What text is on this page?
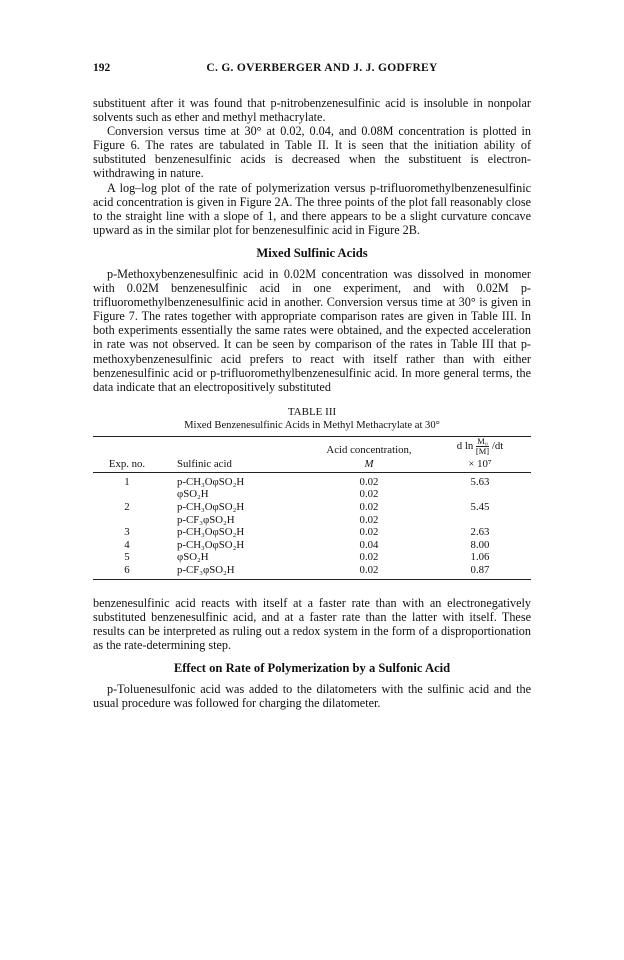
192	C. G. OVERBERGER AND J. J. GODFREY

substituent after it was found that p-nitrobenzenesulfinic acid is insoluble in nonpolar solvents such as ether and methyl methacrylate.

Conversion versus time at 30° at 0.02, 0.04, and 0.08M concentration is plotted in Figure 6. The rates are tabulated in Table II. It is seen that the initiation ability of substituted benzenesulfinic acids is decreased when the substituent is electron-withdrawing in nature.

A log–log plot of the rate of polymerization versus p-trifluoromethylbenzenesulfinic acid concentration is given in Figure 2A. The three points of the plot fall reasonably close to the straight line with a slope of 1, and there appears to be a slight curvature concave upward as in the similar plot for benzenesulfinic acid in Figure 2B.

Mixed Sulfinic Acids

p-Methoxybenzenesulfinic acid in 0.02M concentration was dissolved in monomer with 0.02M benzenesulfinic acid in one experiment, and with 0.02M p-trifluoromethylbenzenesulfinic acid in another. Conversion versus time at 30° is given in Figure 7. The rates together with appropriate comparison rates are given in Table III. In both experiments essentially the same rates were obtained, and the expected acceleration in rate was not observed. It can be seen by comparison of the rates in Table III that p-methoxybenzenesulfinic acid prefers to react with itself rather than with either benzenesulfinic acid or p-trifluoromethylbenzenesulfinic acid. In more general terms, the data indicate that an electropositively substituted

TABLE III
Mixed Benzenesulfinic Acids in Methyl Methacrylate at 30°
		Acid concentration,	d $\ln \frac{\text{M₀}}{[M]} /dt$
Exp. no.	Sulfinic acid	M	× 10⁷
1	p-CH₃OφSO₂H	0.02	5.63
	φSO₂H	0.02	
2	p-CH₃OφSO₂H	0.02	5.45
	p-CF₃φSO₂H	0.02	
3	p-CH₃OφSO₂H	0.02	2.63
4	p-CH₃OφSO₂H	0.04	8.00
5	φSO₂H	0.02	1.06
6	p-CF₃φSO₂H	0.02	0.87

benzenesulfinic acid reacts with itself at a faster rate than with an electronegatively substituted benzenesulfinic acid, and at a faster rate than the latter with itself. These results can be interpreted as ruling out a redox system in the form of a disproportionation as the rate-determining step.

Effect on Rate of Polymerization by a Sulfonic Acid

p-Toluenesulfonic acid was added to the dilatometers with the sulfinic acid and the usual procedure was followed for charging the dilatometer.
